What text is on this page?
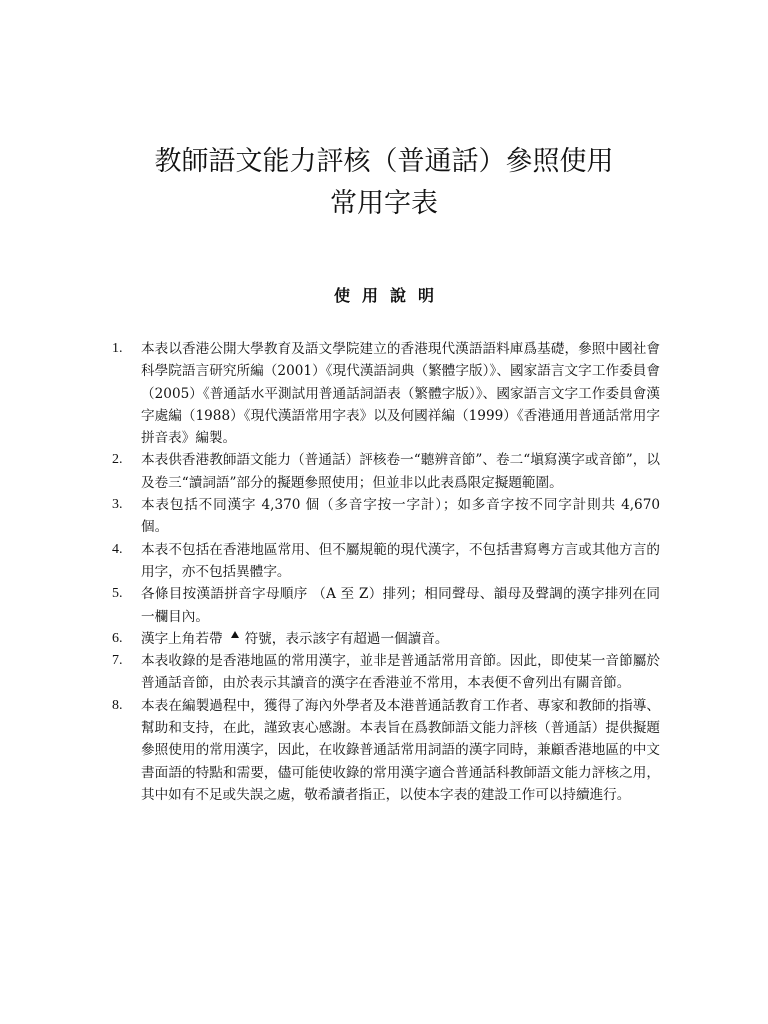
教師語文能力評核（普通話）參照使用
常用字表
使用說明
1.	本表以香港公開大學教育及語文學院建立的香港現代漢語語料庫爲基礎，參照中國社會科學院語言研究所編（2001）《現代漢語詞典（繁體字版）》、國家語言文字工作委員會（2005）《普通話水平測試用普通話詞語表（繁體字版）》、國家語言文字工作委員會漢字處編（1988）《現代漢語常用字表》以及何國祥編（1999）《香港通用普通話常用字拼音表》編製。
2.	本表供香港教師語文能力（普通話）評核卷一“聽辨音節”、卷二“塡寫漢字或音節”，以及卷三“讀詞語”部分的擬題參照使用；但並非以此表爲限定擬題範圍。
3.	本表包括不同漢字 4,370 個（多音字按一字計）；如多音字按不同字計則共 4,670 個。
4.	本表不包括在香港地區常用、但不屬規範的現代漢字，不包括書寫粵方言或其他方言的用字，亦不包括異體字。
5.	各條目按漢語拼音字母順序 （A 至 Z）排列；相同聲母、韻母及聲調的漢字排列在同一欄目內。
6.	漢字上角若帶 符號，表示該字有超過一個讀音。
7.	本表收錄的是香港地區的常用漢字，並非是普通話常用音節。因此，即使某一音節屬於普通話音節，由於表示其讀音的漢字在香港並不常用，本表便不會列出有關音節。
8.	本表在編製過程中，獲得了海內外學者及本港普通話教育工作者、專家和教師的指導、幫助和支持，在此，謹致衷心感謝。本表旨在爲教師語文能力評核（普通話）提供擬題參照使用的常用漢字，因此，在收錄普通話常用詞語的漢字同時，兼顧香港地區的中文書面語的特點和需要，儘可能使收錄的常用漢字適合普通話科教師語文能力評核之用，其中如有不足或失誤之處，敬希讀者指正，以使本字表的建設工作可以持續進行。
